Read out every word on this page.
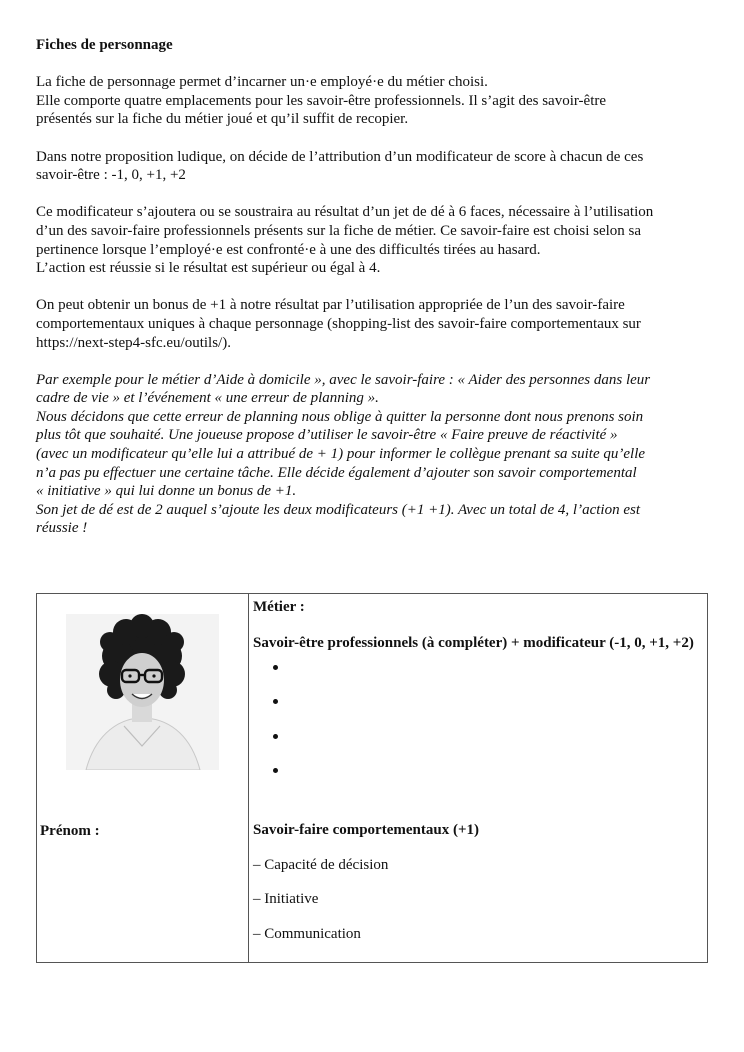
Fiches de personnage

La fiche de personnage permet d’incarner un·e employé·e du métier choisi.
Elle comporte quatre emplacements pour les savoir-être professionnels. Il s’agit des savoir-être
présentés sur la fiche du métier joué et qu’il suffit de recopier.

Dans notre proposition ludique, on décide de l’attribution d’un modificateur de score à chacun de ces
savoir-être : -1, 0, +1, +2

Ce modificateur s’ajoutera ou se soustraira au résultat d’un jet de dé à 6 faces, nécessaire à l’utilisation
d’un des savoir-faire professionnels présents sur la fiche de métier. Ce savoir-faire est choisi selon sa
pertinence lorsque l’employé·e est confronté·e à une des difficultés tirées au hasard.
L’action est réussie si le résultat est supérieur ou égal à 4.

On peut obtenir un bonus de +1 à notre résultat par l’utilisation appropriée de l’un des savoir-faire
comportementaux uniques à chaque personnage (shopping-list des savoir-faire comportementaux sur
https://next-step4-sfc.eu/outils/).

Par exemple pour le métier d’Aide à domicile », avec le savoir-faire : « Aider des personnes dans leur
cadre de vie » et l’événement « une erreur de planning ».
Nous décidons que cette erreur de planning nous oblige à quitter la personne dont nous prenons soin
plus tôt que souhaité. Une joueuse propose d’utiliser le savoir-être « Faire preuve de réactivité »
(avec un modificateur qu’elle lui a attribué de + 1) pour informer le collègue prenant sa suite qu’elle
n’a pas pu effectuer une certaine tâche. Elle décide également d’ajouter son savoir comportemental
« initiative » qui lui donne un bonus de +1.
Son jet de dé est de 2 auquel s’ajoute les deux modificateurs (+1 +1). Avec un total de 4, l’action est
réussie !
Prénom :
Métier :
Savoir-être professionnels (à compléter) + modificateur (-1, 0, +1, +2)
Savoir-faire comportementaux (+1)
– Capacité de décision
– Initiative
– Communication
